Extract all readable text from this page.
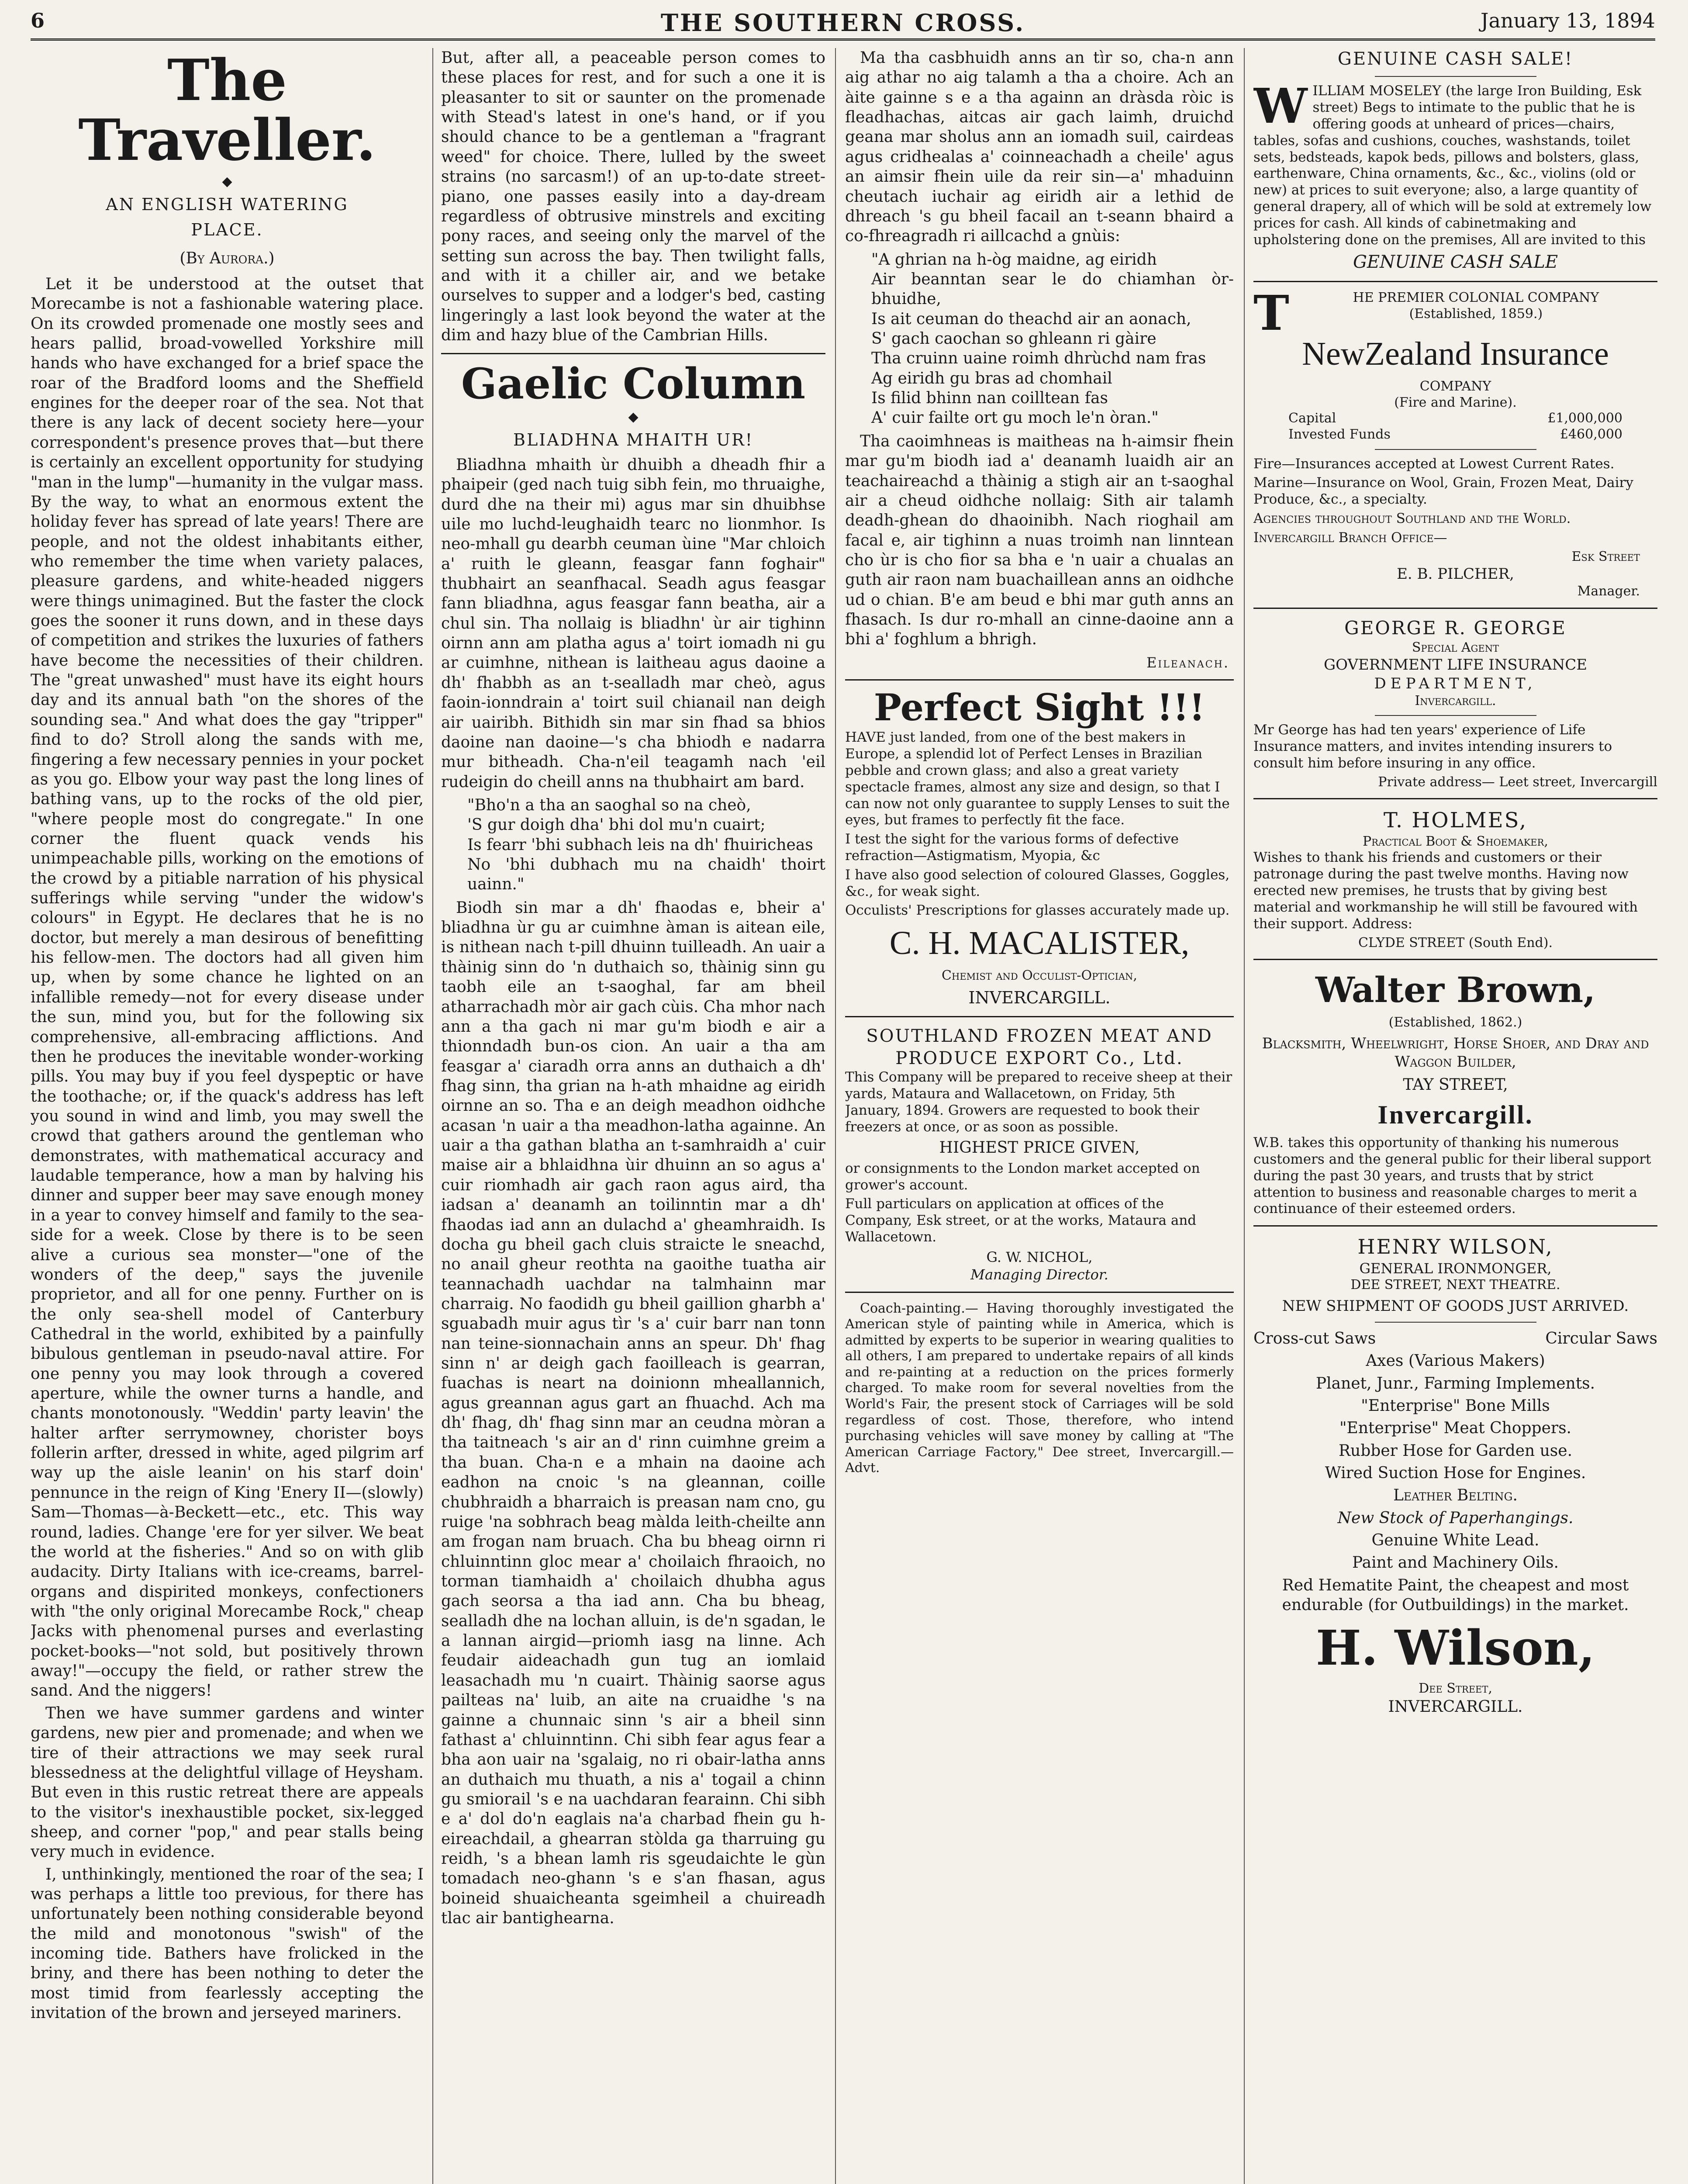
6	THE SOUTHERN CROSS.	January 13, 1894
The Traveller.
◆
AN ENGLISH WATERING
PLACE.
(By Aurora.)

Let it be understood at the outset that Morecambe is not a fashionable watering place. On its crowded promenade one mostly sees and hears pallid, broad-vowelled Yorkshire mill hands who have exchanged for a brief space the roar of the Bradford looms and the Sheffield engines for the deeper roar of the sea. Not that there is any lack of decent society here—your correspondent's presence proves that—but there is certainly an excellent opportunity for studying "man in the lump"—humanity in the vulgar mass. By the way, to what an enormous extent the holiday fever has spread of late years! There are people, and not the oldest inhabitants either, who remember the time when variety palaces, pleasure gardens, and white-headed niggers were things unimagined. But the faster the clock goes the sooner it runs down, and in these days of competition and strikes the luxuries of fathers have become the necessities of their children. The "great unwashed" must have its eight hours day and its annual bath "on the shores of the sounding sea." And what does the gay "tripper" find to do? Stroll along the sands with me, fingering a few necessary pennies in your pocket as you go. Elbow your way past the long lines of bathing vans, up to the rocks of the old pier, "where people most do congregate." In one corner the fluent quack vends his unimpeachable pills, working on the emotions of the crowd by a pitiable narration of his physical sufferings while serving "under the widow's colours" in Egypt. He declares that he is no doctor, but merely a man desirous of benefitting his fellow-men. The doctors had all given him up, when by some chance he lighted on an infallible remedy—not for every disease under the sun, mind you, but for the following six comprehensive, all-embracing afflictions. And then he produces the inevitable wonder-working pills. You may buy if you feel dyspeptic or have the toothache; or, if the quack's address has left you sound in wind and limb, you may swell the crowd that gathers around the gentleman who demonstrates, with mathematical accuracy and laudable temperance, how a man by halving his dinner and supper beer may save enough money in a year to convey himself and family to the sea-side for a week. Close by there is to be seen alive a curious sea monster—"one of the wonders of the deep," says the juvenile proprietor, and all for one penny. Further on is the only sea-shell model of Canterbury Cathedral in the world, exhibited by a painfully bibulous gentleman in pseudo-naval attire. For one penny you may look through a covered aperture, while the owner turns a handle, and chants monotonously. "Weddin' party leavin' the halter arfter serrymowney, chorister boys follerin arfter, dressed in white, aged pilgrim arf way up the aisle leanin' on his starf doin' pennunce in the reign of King 'Enery II—(slowly) Sam—Thomas—à-Beckett—etc., etc. This way round, ladies. Change 'ere for yer silver. We beat the world at the fisheries." And so on with glib audacity. Dirty Italians with ice-creams, barrel-organs and dispirited monkeys, confectioners with "the only original Morecambe Rock," cheap Jacks with phenomenal purses and everlasting pocket-books—"not sold, but positively thrown away!"—occupy the field, or rather strew the sand. And the niggers!

Then we have summer gardens and winter gardens, new pier and promenade; and when we tire of their attractions we may seek rural blessedness at the delightful village of Heysham. But even in this rustic retreat there are appeals to the visitor's inexhaustible pocket, six-legged sheep, and corner "pop," and pear stalls being very much in evidence.

I, unthinkingly, mentioned the roar of the sea; I was perhaps a little too previous, for there has unfortunately been nothing considerable beyond the mild and monotonous "swish" of the incoming tide. Bathers have frolicked in the briny, and there has been nothing to deter the most timid from fearlessly accepting the invitation of the brown and jerseyed mariners.

But, after all, a peaceable person comes to these places for rest, and for such a one it is pleasanter to sit or saunter on the promenade with Stead's latest in one's hand, or if you should chance to be a gentleman a "fragrant weed" for choice. There, lulled by the sweet strains (no sarcasm!) of an up-to-date street-piano, one passes easily into a day-dream regardless of obtrusive minstrels and exciting pony races, and seeing only the marvel of the setting sun across the bay. Then twilight falls, and with it a chiller air, and we betake ourselves to supper and a lodger's bed, casting lingeringly a last look beyond the water at the dim and hazy blue of the Cambrian Hills.

Gaelic Column
◆
BLIADHNA MHAITH UR!

Bliadhna mhaith ùr dhuibh a dheadh fhir a phaipeir (ged nach tuig sibh fein, mo thruaighe, durd dhe na their mi) agus mar sin dhuibhse uile mo luchd-leughaidh tearc no lionmhor. Is neo-mhall gu dearbh ceuman ùine "Mar chloich a' ruith le gleann, feasgar fann foghair" thubhairt an seanfhacal. Seadh agus feasgar fann bliadhna, agus feasgar fann beatha, air a chul sin. Tha nollaig is bliadhn' ùr air tighinn oirnn ann am platha agus a' toirt iomadh ni gu ar cuimhne, nithean is laitheau agus daoine a dh' fhabbh as an t-sealladh mar cheò, agus faoin-ionndrain a' toirt suil chianail nan deigh air uairibh. Bithidh sin mar sin fhad sa bhios daoine nan daoine—'s cha bhiodh e nadarra mur bitheadh. Cha-n'eil teagamh nach 'eil rudeigin do cheill anns na thubhairt am bard.

"Bho'n a tha an saoghal so na cheò,
'S gur doigh dha' bhi dol mu'n cuairt;
Is fearr 'bhi subhach leis na dh' fhuiricheas
No 'bhi dubhach mu na chaidh' thoirt uainn."

Biodh sin mar a dh' fhaodas e, bheir a' bliadhna ùr gu ar cuimhne àman is aitean eile, is nithean nach t-pill dhuinn tuilleadh. An uair a thàinig sinn do 'n duthaich so, thàinig sinn gu taobh eile an t-saoghal, far am bheil atharrachadh mòr air gach cùis. Cha mhor nach ann a tha gach ni mar gu'm biodh e air a thionndadh bun-os cion. An uair a tha am feasgar a' ciaradh orra anns an duthaich a dh' fhag sinn, tha grian na h-ath mhaidne ag eiridh oirnne an so. Tha e an deigh meadhon oidhche acasan 'n uair a tha meadhon-latha againne. An uair a tha gathan blatha an t-samhraidh a' cuir maise air a bhlaidhna ùir dhuinn an so agus a' cuir riomhadh air gach raon agus aird, tha iadsan a' deanamh an toilinntin mar a dh' fhaodas iad ann an dulachd a' gheamhraidh. Is docha gu bheil gach cluis straicte le sneachd, no anail gheur reothta na gaoithe tuatha air teannachadh uachdar na talmhainn mar charraig. No faodidh gu bheil gaillion gharbh a' sguabadh muir agus tìr 's a' cuir barr nan tonn nan teine-sionnachain anns an speur. Dh' fhag sinn n' ar deigh gach faoilleach is gearran, fuachas is neart na doinionn mheallannich, agus greannan agus gart an fhuachd. Ach ma dh' fhag, dh' fhag sinn mar an ceudna mòran a tha taitneach 's air an d' rinn cuimhne greim a tha buan. Cha-n e a mhain na daoine ach eadhon na cnoic 's na gleannan, coille chubhraidh a bharraich is preasan nam cno, gu ruige 'na sobhrach beag màlda leith-cheilte ann am frogan nam bruach. Cha bu bheag oirnn ri chluinntinn gloc mear a' choilaich fhraoich, no torman tiamhaidh a' choilaich dhubha agus gach seorsa a tha iad ann. Cha bu bheag, sealladh dhe na lochan alluin, is de'n sgadan, le a lannan airgid—priomh iasg na linne. Ach feudair aideachadh gun tug an iomlaid leasachadh mu 'n cuairt. Thàinig saorse agus pailteas na' luib, an aite na cruaidhe 's na gainne a chunnaic sinn 's air a bheil sinn fathast a' chluinntinn. Chi sibh fear agus fear a bha aon uair na 'sgalaig, no ri obair-latha anns an duthaich mu thuath, a nis a' togail a chinn gu smiorail 's e na uachdaran fearainn. Chi sibh e a' dol do'n eaglais na'a charbad fhein gu h-eireachdail, a ghearran stòlda ga tharruing gu reidh, 's a bhean lamh ris sgeudaichte le gùn tomadach neo-ghann 's e s'an fhasan, agus boineid shuaicheanta sgeimheil a chuireadh tlac air bantighearna.

Ma tha casbhuidh anns an tìr so, cha-n ann aig athar no aig talamh a tha a choire. Ach an àite gainne s e a tha againn an dràsda ròic is fleadhachas, aitcas air gach laimh, druichd geana mar sholus ann an iomadh suil, cairdeas agus cridhealas a' coinneachadh a cheile' agus an aimsir fhein uile da reir sin—a' mhaduinn cheutach iuchair ag eiridh air a lethid de dhreach 's gu bheil facail an t-seann bhaird a co-fhreagradh ri aillcachd a gnùis:

"A ghrian na h-òg maidne, ag eiridh
Air beanntan sear le do chiamhan òr-bhuidhe,
Is ait ceuman do theachd air an aonach,
S' gach caochan so ghleann ri gàire
Tha cruinn uaine roimh dhrùchd nam fras
Ag eiridh gu bras ad chomhail
Is filid bhinn nan coilltean fas
A' cuir failte ort gu moch le'n òran."

Tha caoimhneas is maitheas na h-aimsir fhein mar gu'm biodh iad a' deanamh luaidh air an teachaireachd a thàinig a stigh air an t-saoghal air a cheud oidhche nollaig: Sith air talamh deadh-ghean do dhaoinibh. Nach rioghail am facal e, air tighinn a nuas troimh nan linntean cho ùr is cho fior sa bha e 'n uair a chualas an guth air raon nam buachaillean anns an oidhche ud o chian. B'e am beud e bhi mar guth anns an fhasach. Is dur ro-mhall an cinne-daoine ann a bhi a' foghlum a bhrigh.

Eileanach.
Perfect Sight !!!

HAVE just landed, from one of the best makers in Europe, a splendid lot of Perfect Lenses in Brazilian pebble and crown glass; and also a great variety spectacle frames, almost any size and design, so that I can now not only guarantee to supply Lenses to suit the eyes, but frames to perfectly fit the face.

I test the sight for the various forms of defective refraction—Astigmatism, Myopia, &c

I have also good selection of coloured Glasses, Goggles, &c., for weak sight.

Occulists' Prescriptions for glasses accurately made up.

C. H. MACALISTER,
Chemist and Occulist-Optician,
INVERCARGILL.
SOUTHLAND FROZEN MEAT AND
PRODUCE EXPORT Co., Ltd.

This Company will be prepared to receive sheep at their yards, Mataura and Wallacetown, on Friday, 5th January, 1894. Growers are requested to book their freezers at once, or as soon as possible.

HIGHEST PRICE GIVEN,

or consignments to the London market accepted on grower's account.

Full particulars on application at offices of the Company, Esk street, or at the works, Mataura and Wallacetown.

G. W. NICHOL,
Managing Director.

Coach-painting.— Having thoroughly investigated the American style of painting while in America, which is admitted by experts to be superior in wearing qualities to all others, I am prepared to undertake repairs of all kinds and re-painting at a reduction on the prices formerly charged. To make room for several novelties from the World's Fair, the present stock of Carriages will be sold regardless of cost. Those, therefore, who intend purchasing vehicles will save money by calling at "The American Carriage Factory," Dee street, Invercargill.—Advt.

GENUINE CASH SALE!
W ILLIAM MOSELEY (the large Iron Building, Esk street) Begs to intimate to the public that he is offering goods at unheard of prices—chairs, tables, sofas and cushions, couches, washstands, toilet sets, bedsteads, kapok beds, pillows and bolsters, glass, earthenware, China ornaments, &c., &c., violins (old or new) at prices to suit everyone; also, a large quantity of general drapery, all of which will be sold at extremely low prices for cash. All kinds of cabinetmaking and upholstering done on the premises, All are invited to this

GENUINE CASH SALE
T	HE PREMIER COLONIAL COMPANY
(Established, 1859.)
NewZealand Insurance
COMPANY
(Fire and Marine).
Capital	£1,000,000
Invested Funds	£460,000

Fire—Insurances accepted at Lowest Current Rates.

Marine—Insurance on Wool, Grain, Frozen Meat, Dairy Produce, &c., a specialty.

Agencies throughout Southland and the World.

Invercargill Branch Office—

Esk Street
E. B. PILCHER,
Manager.
GEORGE R. GEORGE
Special Agent
GOVERNMENT LIFE INSURANCE
DEPARTMENT,
Invercargill.

Mr George has had ten years' experience of Life Insurance matters, and invites intending insurers to consult him before insuring in any office.

Private address— Leet street, Invercargill
T. HOLMES,
Practical Boot & Shoemaker,

Wishes to thank his friends and customers or their patronage during the past twelve months. Having now erected new premises, he trusts that by giving best material and workmanship he will still be favoured with their support. Address:

CLYDE STREET (South End).
Walter Brown,
(Established, 1862.)
Blacksmith, Wheelwright, Horse Shoer, and Dray and Waggon Builder,
TAY STREET,
Invercargill.

W.B. takes this opportunity of thanking his numerous customers and the general public for their liberal support during the past 30 years, and trusts that by strict attention to business and reasonable charges to merit a continuance of their esteemed orders.

HENRY WILSON,
GENERAL IRONMONGER,
DEE STREET, NEXT THEATRE.
NEW SHIPMENT OF GOODS JUST ARRIVED.
Cross-cut Saws	Circular Saws
Axes (Various Makers)
Planet, Junr., Farming Implements.
"Enterprise" Bone Mills
"Enterprise" Meat Choppers.
Rubber Hose for Garden use.
Wired Suction Hose for Engines.
Leather Belting.
New Stock of Paperhangings.
Genuine White Lead.
Paint and Machinery Oils.
Red Hematite Paint, the cheapest and most endurable (for Outbuildings) in the market.
H. Wilson,
Dee Street,
INVERCARGILL.
